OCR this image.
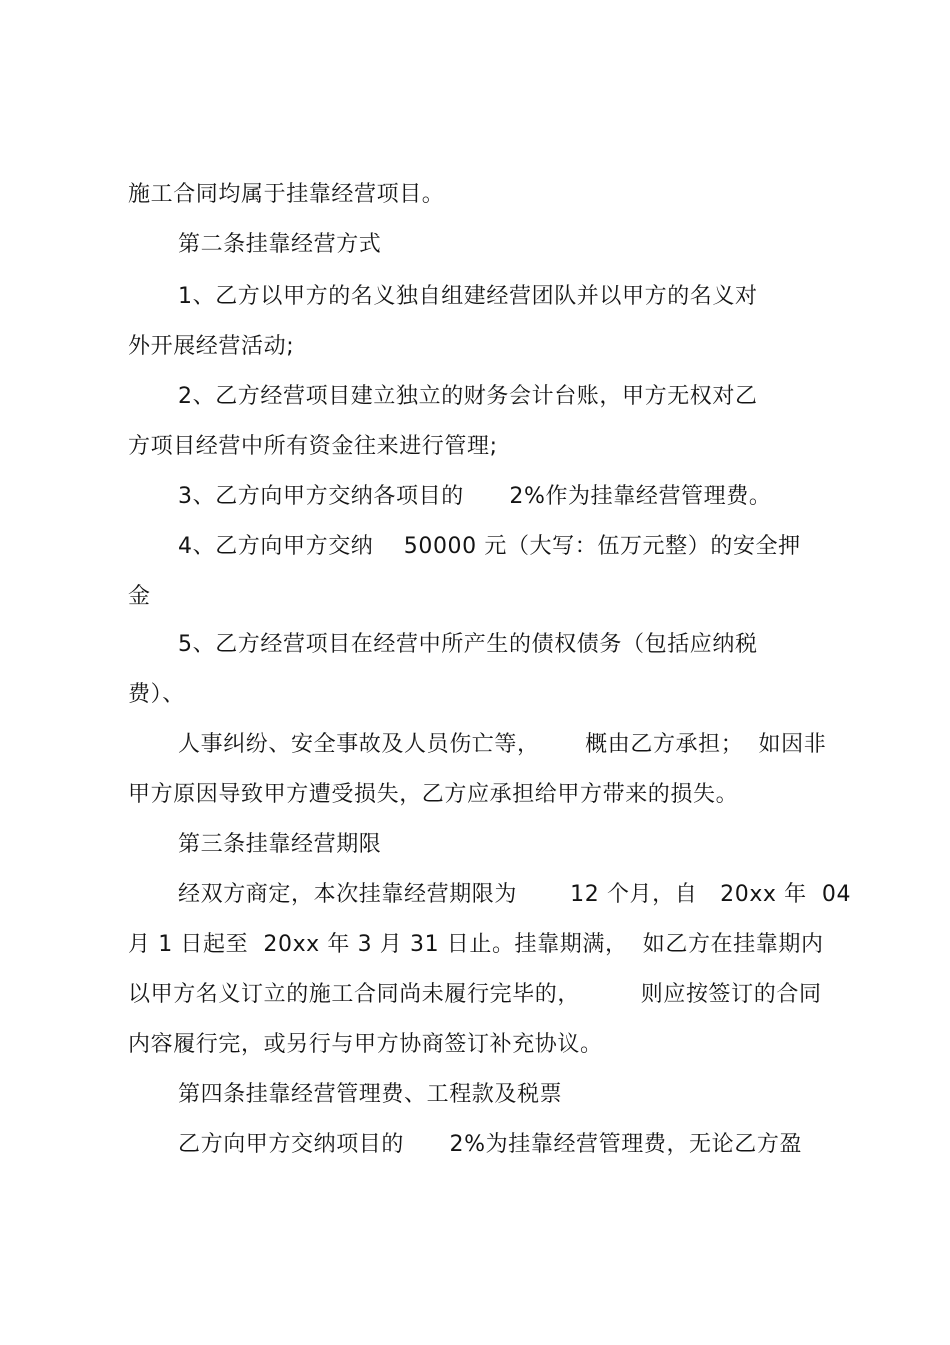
施工合同均属于挂靠经营项目。
第二条挂靠经营方式
1、乙方以甲方的名义独自组建经营团队并以甲方的名义对
外开展经营活动;
2、乙方经营项目建立独立的财务会计台账，甲方无权对乙
方项目经营中所有资金往来进行管理;
3、乙方向甲方交纳各项目的      2%作为挂靠经营管理费。
4、乙方向甲方交纳    50000 元（大写：伍万元整）的安全押
金
5、乙方经营项目在经营中所产生的债权债务（包括应纳税
费）、
人事纠纷、安全事故及人员伤亡等，      概由乙方承担；  如因非
甲方原因导致甲方遭受损失，乙方应承担给甲方带来的损失。
第三条挂靠经营期限
经双方商定，本次挂靠经营期限为       12 个月，自   20xx 年  04
月 1 日起至  20xx 年 3 月 31 日止。挂靠期满，  如乙方在挂靠期内
以甲方名义订立的施工合同尚未履行完毕的，        则应按签订的合同
内容履行完，或另行与甲方协商签订补充协议。
第四条挂靠经营管理费、工程款及税票
乙方向甲方交纳项目的      2%为挂靠经营管理费，无论乙方盈
